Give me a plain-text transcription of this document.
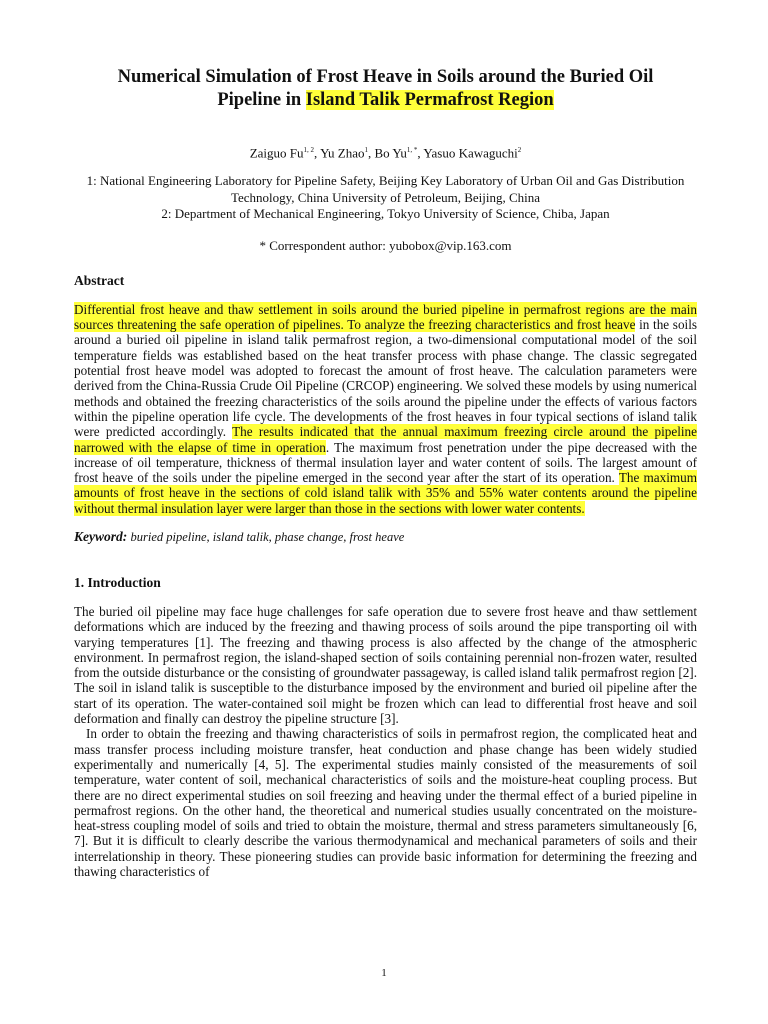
Numerical Simulation of Frost Heave in Soils around the Buried Oil
Pipeline in Island Talik Permafrost Region
Zaiguo Fu$^{1, 2}$, Yu Zhao$^1$, Bo $Yu^{1, *}$, Yasuo Kawaguchi$^2$
1: National Engineering Laboratory for Pipeline Safety, Beijing Key Laboratory of Urban Oil and Gas Distribution Technology, China University of Petroleum, Beijing, China
2: Department of Mechanical Engineering, Tokyo University of Science, Chiba, Japan
* Correspondent author: yubobox@vip.163.com
Abstract
Differential frost heave and thaw settlement in soils around the buried pipeline in permafrost regions are the main sources threatening the safe operation of pipelines. To analyze the freezing characteristics and frost heave in the soils around a buried oil pipeline in island talik permafrost region, a two-dimensional computational model of the soil temperature fields was established based on the heat transfer process with phase change. The classic segregated potential frost heave model was adopted to forecast the amount of frost heave. The calculation parameters were derived from the China-Russia Crude Oil Pipeline (CRCOP) engineering. We solved these models by using numerical methods and obtained the freezing characteristics of the soils around the pipeline under the effects of various factors within the pipeline operation life cycle. The developments of the frost heaves in four typical sections of island talik were predicted accordingly. The results indicated that the annual maximum freezing circle around the pipeline narrowed with the elapse of time in operation. The maximum frost penetration under the pipe decreased with the increase of oil temperature, thickness of thermal insulation layer and water content of soils. The largest amount of frost heave of the soils under the pipeline emerged in the second year after the start of its operation. The maximum amounts of frost heave in the sections of cold island talik with 35% and 55% water contents around the pipeline without thermal insulation layer were larger than those in the sections with lower water contents.
Keyword: buried pipeline, island talik, phase change, frost heave
1. Introduction

The buried oil pipeline may face huge challenges for safe operation due to severe frost heave and thaw settlement deformations which are induced by the freezing and thawing process of soils around the pipe transporting oil with varying temperatures [1]. The freezing and thawing process is also affected by the change of the atmospheric environment. In permafrost region, the island-shaped section of soils containing perennial non-frozen water, resulted from the outside disturbance or the consisting of groundwater passageway, is called island talik permafrost region [2]. The soil in island talik is susceptible to the disturbance imposed by the environment and buried oil pipeline after the start of its operation. The water-contained soil might be frozen which can lead to differential frost heave and soil deformation and finally can destroy the pipeline structure [3].

In order to obtain the freezing and thawing characteristics of soils in permafrost region, the complicated heat and mass transfer process including moisture transfer, heat conduction and phase change has been widely studied experimentally and numerically [4, 5]. The experimental studies mainly consisted of the measurements of soil temperature, water content of soil, mechanical characteristics of soils and the moisture-heat coupling process. But there are no direct experimental studies on soil freezing and heaving under the thermal effect of a buried pipeline in permafrost regions. On the other hand, the theoretical and numerical studies usually concentrated on the moisture-heat-stress coupling model of soils and tried to obtain the moisture, thermal and stress parameters simultaneously [6, 7]. But it is difficult to clearly describe the various thermodynamical and mechanical parameters of soils and their interrelationship in theory. These pioneering studies can provide basic information for determining the freezing and thawing characteristics of

1
